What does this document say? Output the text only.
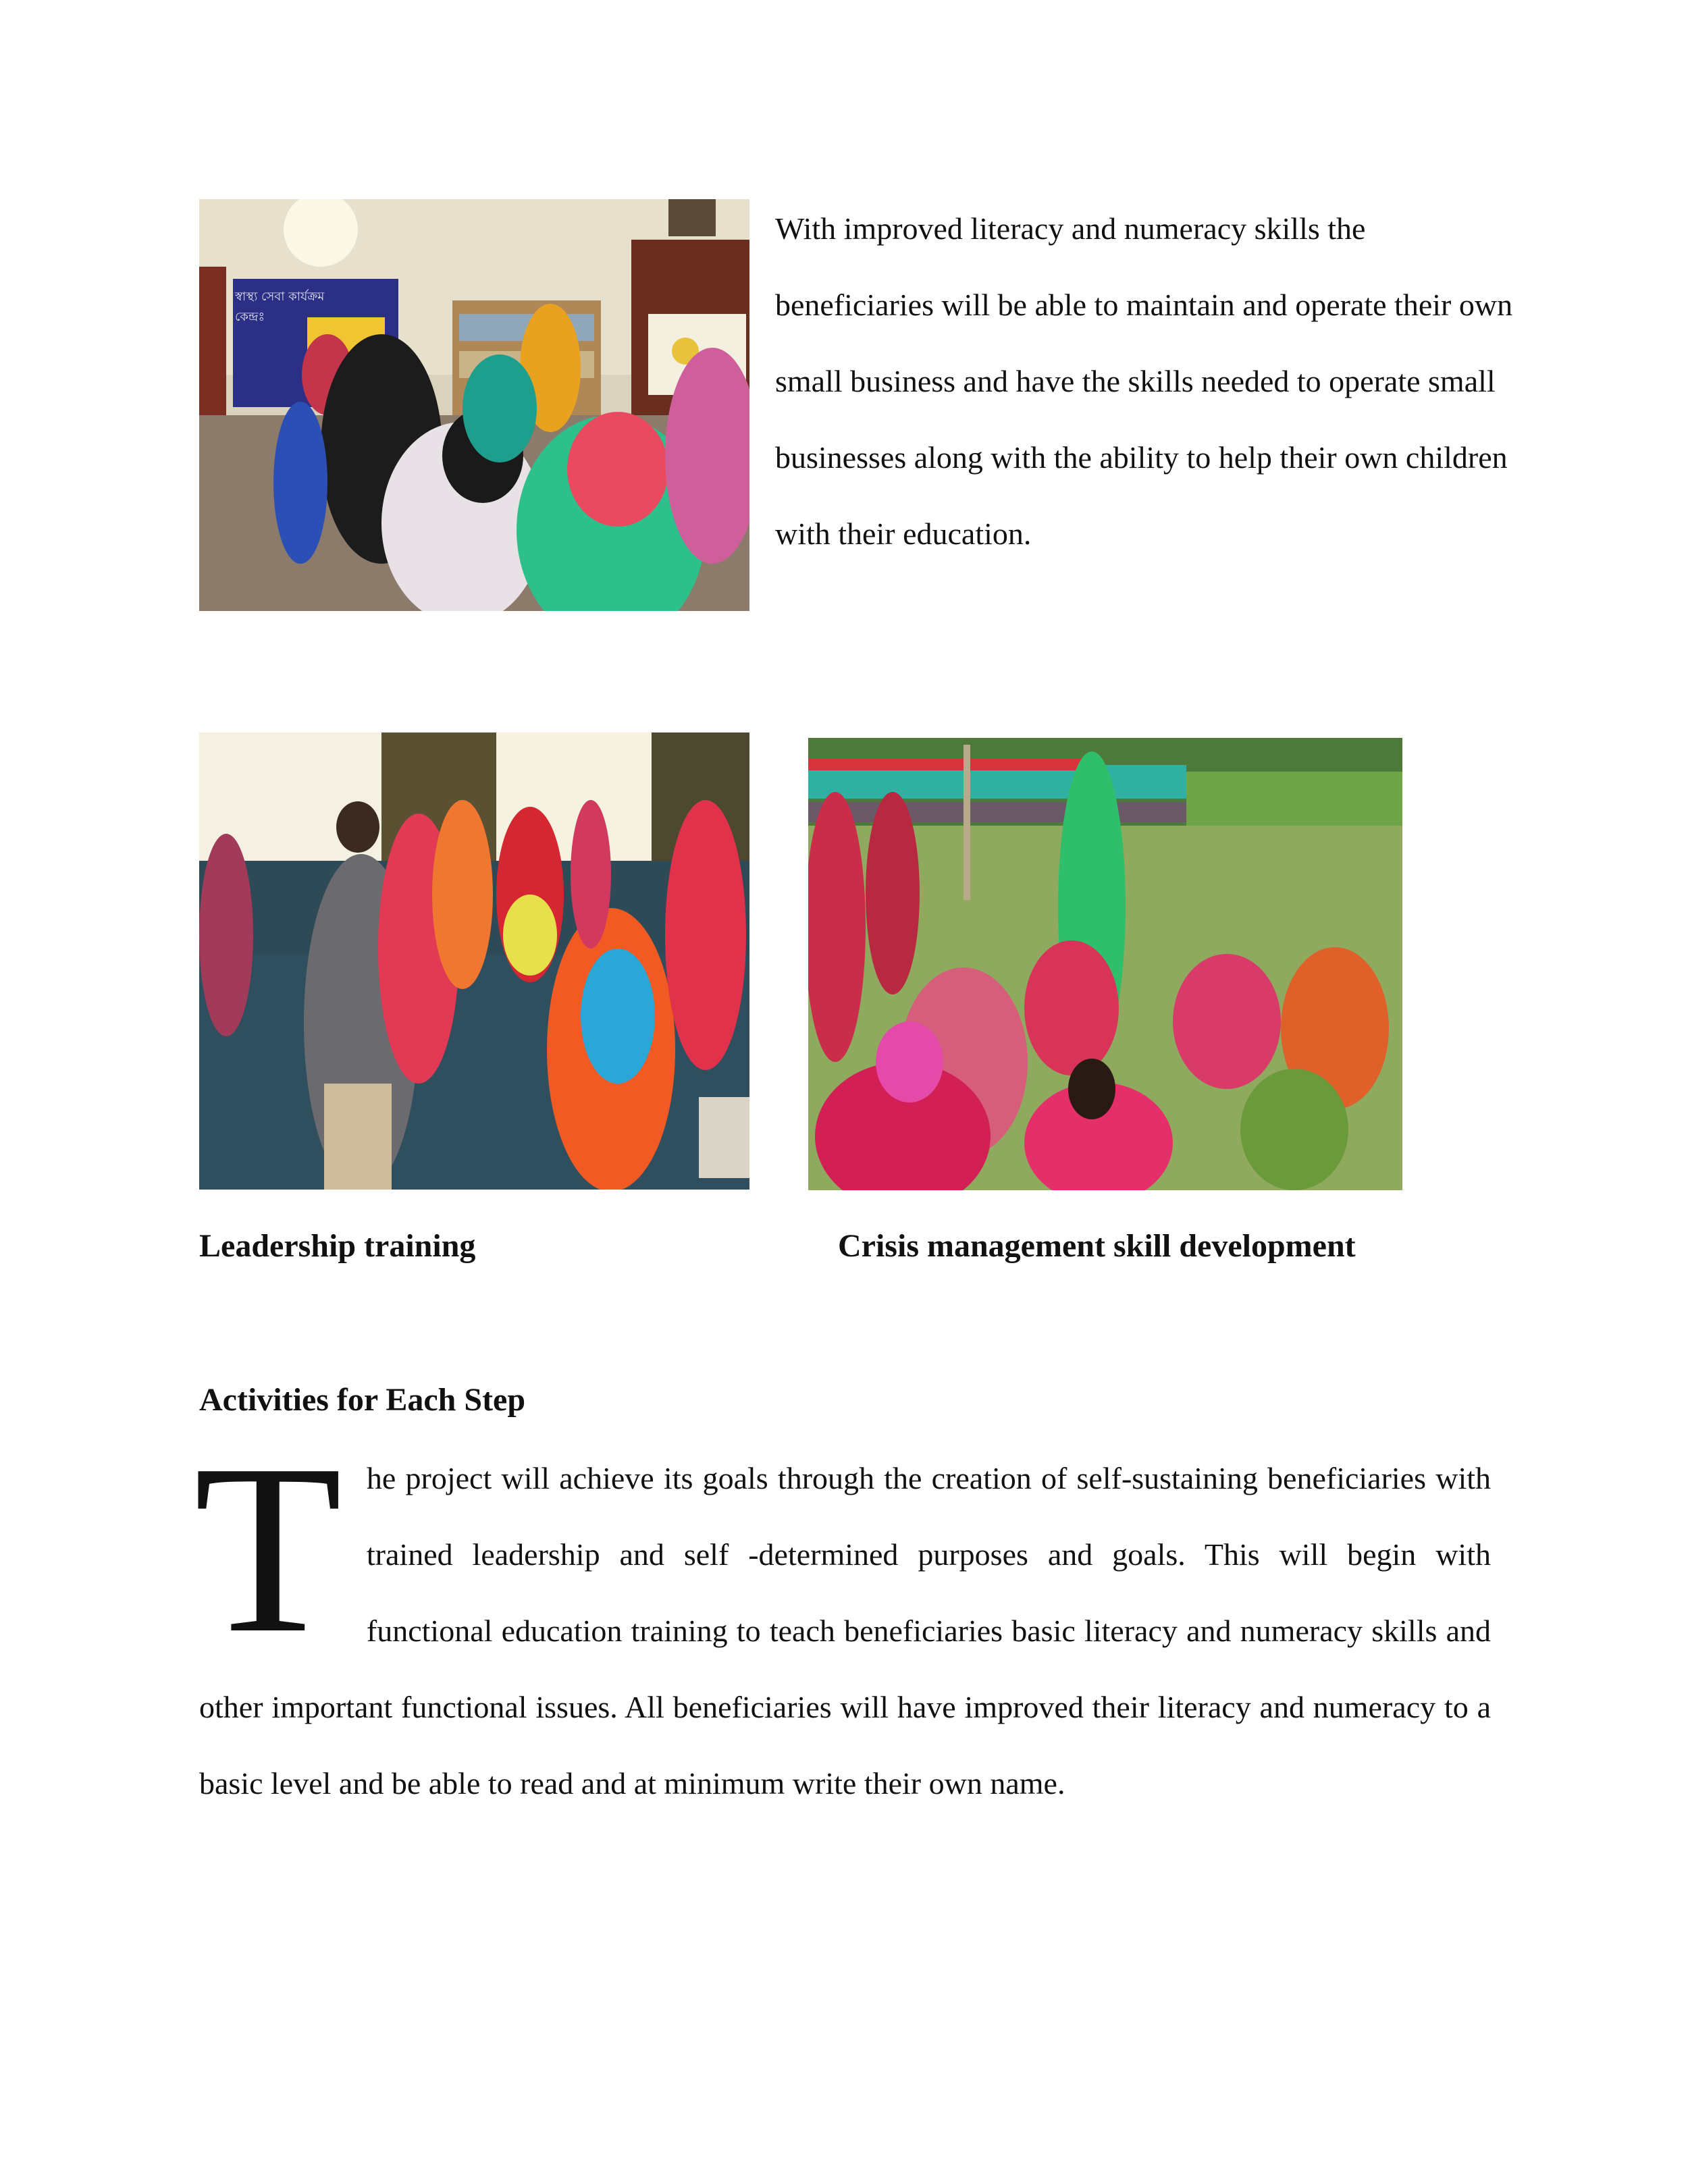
With improved literacy and numeracy skills the beneficiaries will be able to maintain and operate their own small business and have the skills needed to operate small businesses along with the ability to help their own children with their education.

Leadership training	Crisis management skill development

Activities for Each Step

The project will achieve its goals through the creation of self-sustaining beneficiaries with trained leadership and self -determined purposes and goals. This will begin with functional education training to teach beneficiaries basic literacy and numeracy skills and other important functional issues. All beneficiaries will have improved their literacy and numeracy to a basic level and be able to read and at minimum write their own name.

স্বাস্থ্য সেবা কার্যক্রম
কেন্দ্রঃ
